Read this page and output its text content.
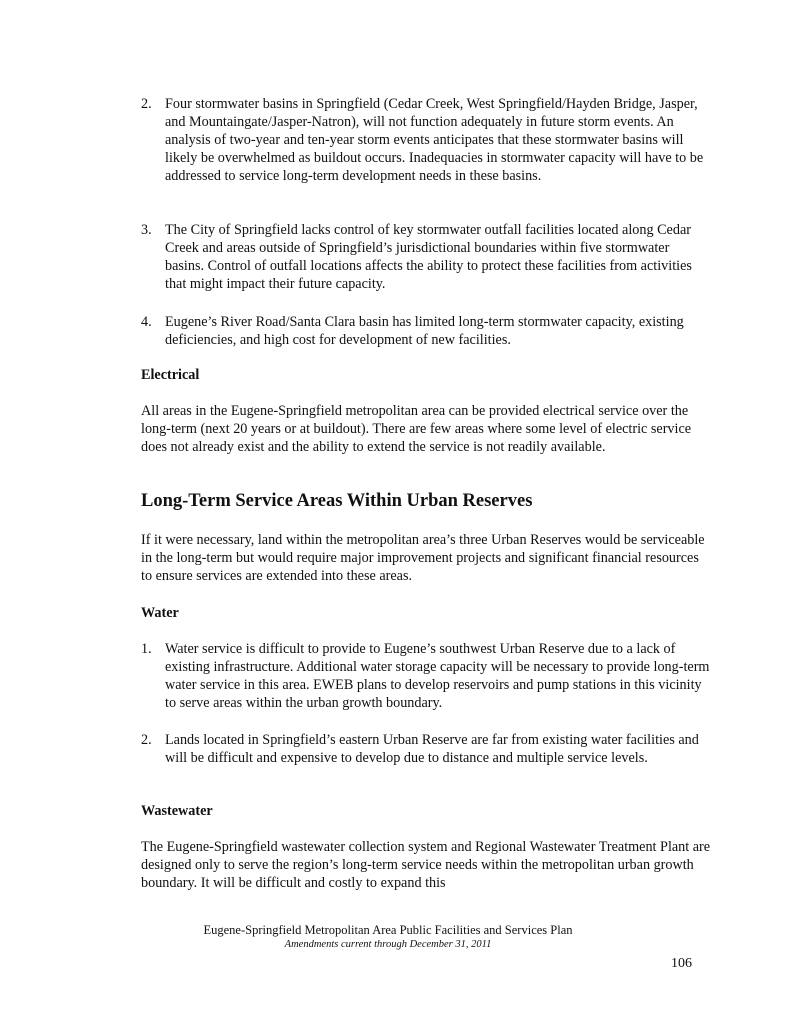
2. Four stormwater basins in Springfield (Cedar Creek, West Springfield/Hayden Bridge, Jasper, and Mountaingate/Jasper-Natron), will not function adequately in future storm events. An analysis of two-year and ten-year storm events anticipates that these stormwater basins will likely be overwhelmed as buildout occurs. Inadequacies in stormwater capacity will have to be addressed to service long-term development needs in these basins.
3. The City of Springfield lacks control of key stormwater outfall facilities located along Cedar Creek and areas outside of Springfield’s jurisdictional boundaries within five stormwater basins. Control of outfall locations affects the ability to protect these facilities from activities that might impact their future capacity.
4. Eugene’s River Road/Santa Clara basin has limited long-term stormwater capacity, existing deficiencies, and high cost for development of new facilities.
Electrical

All areas in the Eugene-Springfield metropolitan area can be provided electrical service over the long-term (next 20 years or at buildout). There are few areas where some level of electric service does not already exist and the ability to extend the service is not readily available.

Long-Term Service Areas Within Urban Reserves

If it were necessary, land within the metropolitan area’s three Urban Reserves would be serviceable in the long-term but would require major improvement projects and significant financial resources to ensure services are extended into these areas.

Water
1. Water service is difficult to provide to Eugene’s southwest Urban Reserve due to a lack of existing infrastructure. Additional water storage capacity will be necessary to provide long-term water service in this area. EWEB plans to develop reservoirs and pump stations in this vicinity to serve areas within the urban growth boundary.
2. Lands located in Springfield’s eastern Urban Reserve are far from existing water facilities and will be difficult and expensive to develop due to distance and multiple service levels.
Wastewater

The Eugene-Springfield wastewater collection system and Regional Wastewater Treatment Plant are designed only to serve the region’s long-term service needs within the metropolitan urban growth boundary. It will be difficult and costly to expand this

Eugene-Springfield Metropolitan Area Public Facilities and Services Plan

Amendments current through December 31, 2011

106
